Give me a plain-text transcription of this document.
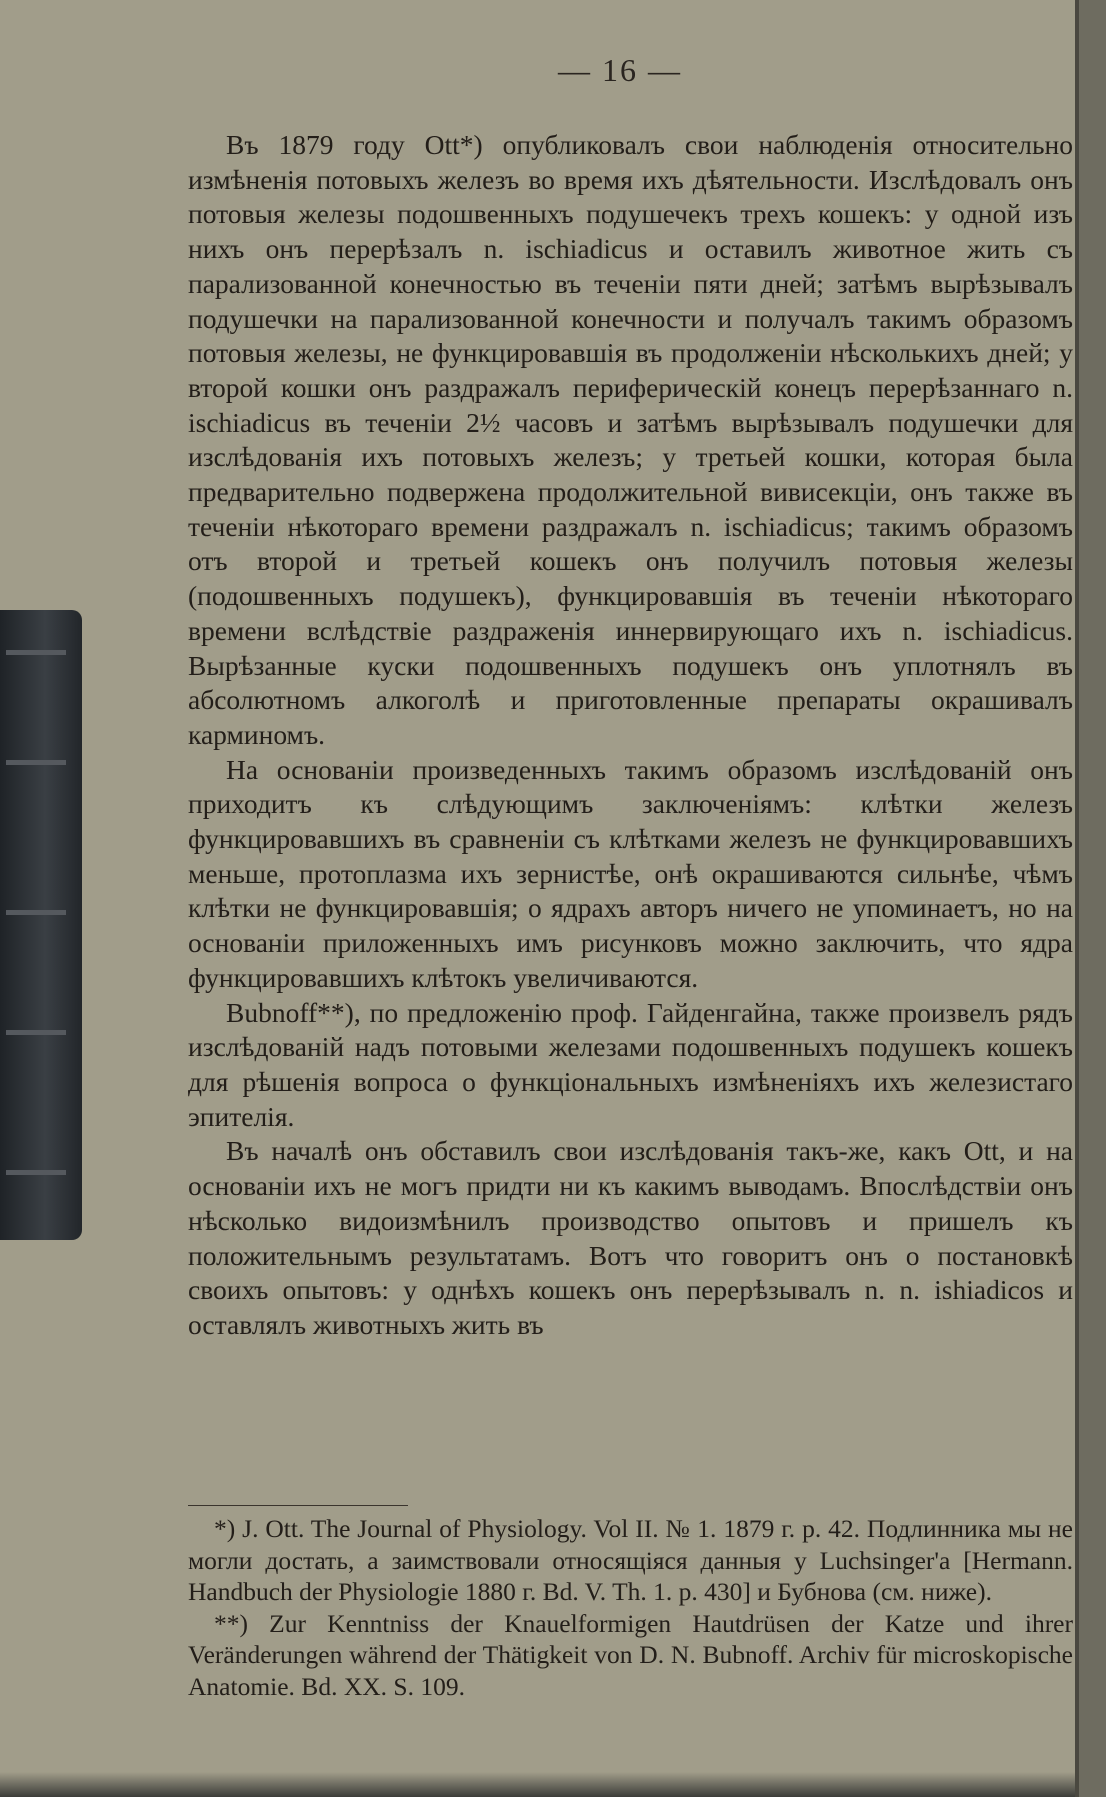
— 16 —

Въ 1879 году Ott*) опубликовалъ свои наблюденія относительно измѣненія потовыхъ железъ во время ихъ дѣятельности. Изслѣдовалъ онъ потовыя железы подошвенныхъ подушечекъ трехъ кошекъ: у одной изъ нихъ онъ перерѣзалъ n. ischiadicus и оставилъ животное жить съ парализованной конечностью въ теченіи пяти дней; затѣмъ вырѣзывалъ подушечки на парализованной конечности и получалъ такимъ образомъ потовыя железы, не функцировавшія въ продолженіи нѣсколькихъ дней; у второй кошки онъ раздражалъ периферическій конецъ перерѣзаннаго n. ischiadicus въ теченіи 2½ часовъ и затѣмъ вырѣзывалъ подушечки для изслѣдованія ихъ потовыхъ железъ; у третьей кошки, которая была предварительно подвержена продолжительной вивисекціи, онъ также въ теченіи нѣкотораго времени раздражалъ n. ischiadicus; такимъ образомъ отъ второй и третьей кошекъ онъ получилъ потовыя железы (подошвенныхъ подушекъ), функцировавшія въ теченіи нѣкотораго времени вслѣдствіе раздраженія иннервирующаго ихъ n. ischiadicus. Вырѣзанные куски подошвенныхъ подушекъ онъ уплотнялъ въ абсолютномъ алкоголѣ и приготовленные препараты окрашивалъ карминомъ.

На основаніи произведенныхъ такимъ образомъ изслѣдованій онъ приходитъ къ слѣдующимъ заключеніямъ: клѣтки железъ функцировавшихъ въ сравненіи съ клѣтками железъ не функцировавшихъ меньше, протоплазма ихъ зернистѣе, онѣ окрашиваются сильнѣе, чѣмъ клѣтки не функцировавшія; о ядрахъ авторъ ничего не упоминаетъ, но на основаніи приложенныхъ имъ рисунковъ можно заключить, что ядра функцировавшихъ клѣтокъ увеличиваются.

Bubnoff**), по предложенію проф. Гайденгайна, также произвелъ рядъ изслѣдованій надъ потовыми железами подошвенныхъ подушекъ кошекъ для рѣшенія вопроса о функціональныхъ измѣненіяхъ ихъ железистаго эпителія.

Въ началѣ онъ обставилъ свои изслѣдованія такъ-же, какъ Ott, и на основаніи ихъ не могъ придти ни къ какимъ выводамъ. Впослѣдствіи онъ нѣсколько видоизмѣнилъ производство опытовъ и пришелъ къ положительнымъ результатамъ. Вотъ что говоритъ онъ о постановкѣ своихъ опытовъ: у однѣхъ кошекъ онъ перерѣзывалъ n. n. ishiadicos и оставлялъ животныхъ жить въ

*) J. Ott. The Journal of Physiology. Vol II. № 1. 1879 г. p. 42. Подлинника мы не могли достать, а заимствовали относящіяся данныя у Luchsinger'a [Hermann. Handbuch der Physiologie 1880 г. Bd. V. Th. 1. p. 430] и Бубнова (см. ниже).

**) Zur Kenntniss der Knauelformigen Hautdrüsen der Katze und ihrer Veränderungen während der Thätigkeit von D. N. Bubnoff. Archiv für microskopische Anatomie. Bd. XX. S. 109.
